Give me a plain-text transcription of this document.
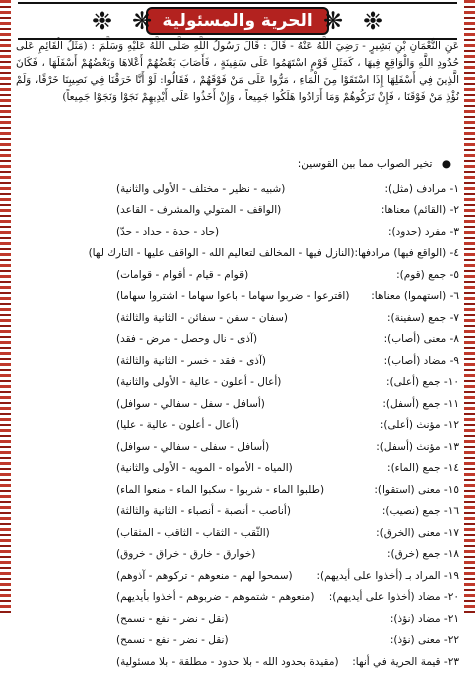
❉ ❋ الحرية والمسئولية ❋ ❉
عَنِ النُّعْمَانِ بْنِ بَشِيرٍ - رَضِيَ اللَّهُ عَنْهُ - قَالَ : قَالَ رَسُولُ اللَّهِ صَلَّى اللَّهُ عَلَيْهِ وَسَلَّمَ : (مَثَلُ الْقَائِمِ عَلَى حُدُودِ اللَّهِ وَالْوَاقِعِ فِيهَا ، كَمَثَلِ قَوْمٍ اسْتَهَمُوا عَلَى سَفِينَةٍ ، فَأَصَابَ بَعْضُهُمْ أَعْلاهَا وَبَعْضُهُمْ أَسْفَلَهَا ، فَكَانَ الَّذِينَ فِي أَسْفَلِهَا إِذَا اسْتَقَوْا مِنَ الْمَاءِ ، مَرُّوا عَلَى مَنْ فَوْقَهُمْ ، فَقَالُوا: لَوْ أَنَّا خَرَقْنَا فِي نَصِيبِنَا خَرْقًا، وَلَمْ نُؤْذِ مَنْ فَوْقَنَا ، فَإِنْ تَرَكُوهُمْ وَمَا أَرَادُوا هَلَكُوا جَمِيعاً ، وَإِنْ أَخَذُوا عَلَى أَيْدِيهِمْ نَجَوْا وَنَجَوْا جَمِيعاً)
● تخير الصواب مما بين القوسين:
١- مرادف (مثل):
(شبيه - نظير - مختلف - الأولى والثانية)
٢- (القائم) معناها:
(الواقف - المتولي والمشرف - القاعد)
٣- مفرد (حدود):
(حاد - حدة - حداد - حدّ)
٤- (الواقع فيها) مرادفها:
(النازل فيها - المخالف لتعاليم الله - الواقف عليها - التارك لها)
٥- جمع (قوم):
(قوام - قيام - أقوام - قوامات)
٦- (استهموا) معناها:
(اقترعوا - ضربوا سهاما - باعوا سهاما - اشتروا سهاما)
٧- جمع (سفينة):
(سفان - سفن - سفائن - الثانية والثالثة)
٨- معنى (أصاب):
(آذى - نال وحصل - مرض - فقد)
٩- مضاد (أصاب):
(آذى - فقد - خسر - الثانية والثالثة)
١٠- جمع (أعلى):
(أعال - أعلون - عالية - الأولى والثانية)
١١- جمع (أسفل):
(أسافل - سفل - سفالي - سوافل)
١٢- مؤنث (أعلى):
(أعال - أعلون - عالية - عليا)
١٣- مؤنث (أسفل):
(أسافل - سفلى - سفالي - سوافل)
١٤- جمع (الماء):
(المياه - الأمواه - المويه - الأولى والثانية)
١٥- معنى (استقوا):
(طلبوا الماء - شربوا - سكبوا الماء - منعوا الماء)
١٦- جمع (نصيب):
(أناصب - أنصبة - أنصباء - الثانية والثالثة)
١٧- معنى (الخرق):
(الثّقب - الثقاب - الثاقب - المثقاب)
١٨- جمع (خرق):
(خوارق - خارق - خراق - خروق)
١٩- المراد بـ (أخذوا على أيديهم):
(سمحوا لهم - منعوهم - تركوهم - آذوهم)
٢٠- مضاد (أخذوا على أيديهم):
(منعوهم - شتموهم - ضربوهم - أخذوا بأيديهم)
٢١- مضاد (نؤذ):
(نقل - نضر - نفع - نسمح)
٢٢- معنى (نؤذ):
(نقل - نضر - نفع - نسمح)
٢٣- قيمة الحرية في أنها:
(مقيدة بحدود الله - بلا حدود - مطلقة - بلا مسئولية)
